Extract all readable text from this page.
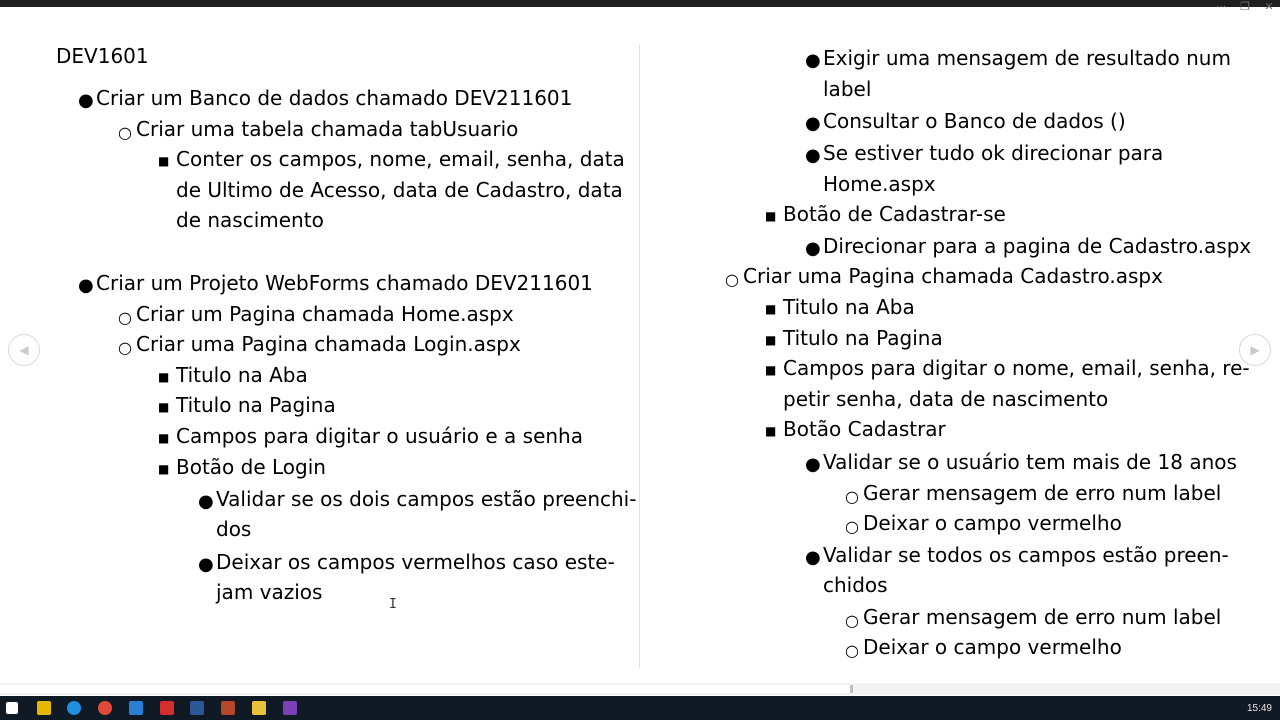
··· ❐ ✕
◀	▶
DEV1601
● Criar um Banco de dados chamado DEV211601
○ Criar uma tabela chamada tabUsuario
■ Conter os campos, nome, email, senha, data
de Ultimo de Acesso, data de Cadastro, data
de nascimento
● Criar um Projeto WebForms chamado DEV211601
○ Criar um Pagina chamada Home.aspx
○ Criar uma Pagina chamada Login.aspx
■ Titulo na Aba
■ Titulo na Pagina
■ Campos para digitar o usuário e a senha
■ Botão de Login
● Validar se os dois campos estão preenchi-
dos
● Deixar os campos vermelhos caso este-
jam vazios
● Exigir uma mensagem de resultado num
label
● Consultar o Banco de dados ()
● Se estiver tudo ok direcionar para
Home.aspx
■ Botão de Cadastrar-se
● Direcionar para a pagina de Cadastro.aspx
○ Criar uma Pagina chamada Cadastro.aspx
■ Titulo na Aba
■ Titulo na Pagina
■ Campos para digitar o nome, email, senha, re-
petir senha, data de nascimento
■ Botão Cadastrar
● Validar se o usuário tem mais de 18 anos
○ Gerar mensagem de erro num label
○ Deixar o campo vermelho
● Validar se todos os campos estão preen-
chidos
○ Gerar mensagem de erro num label
○ Deixar o campo vermelho
I
15:49
